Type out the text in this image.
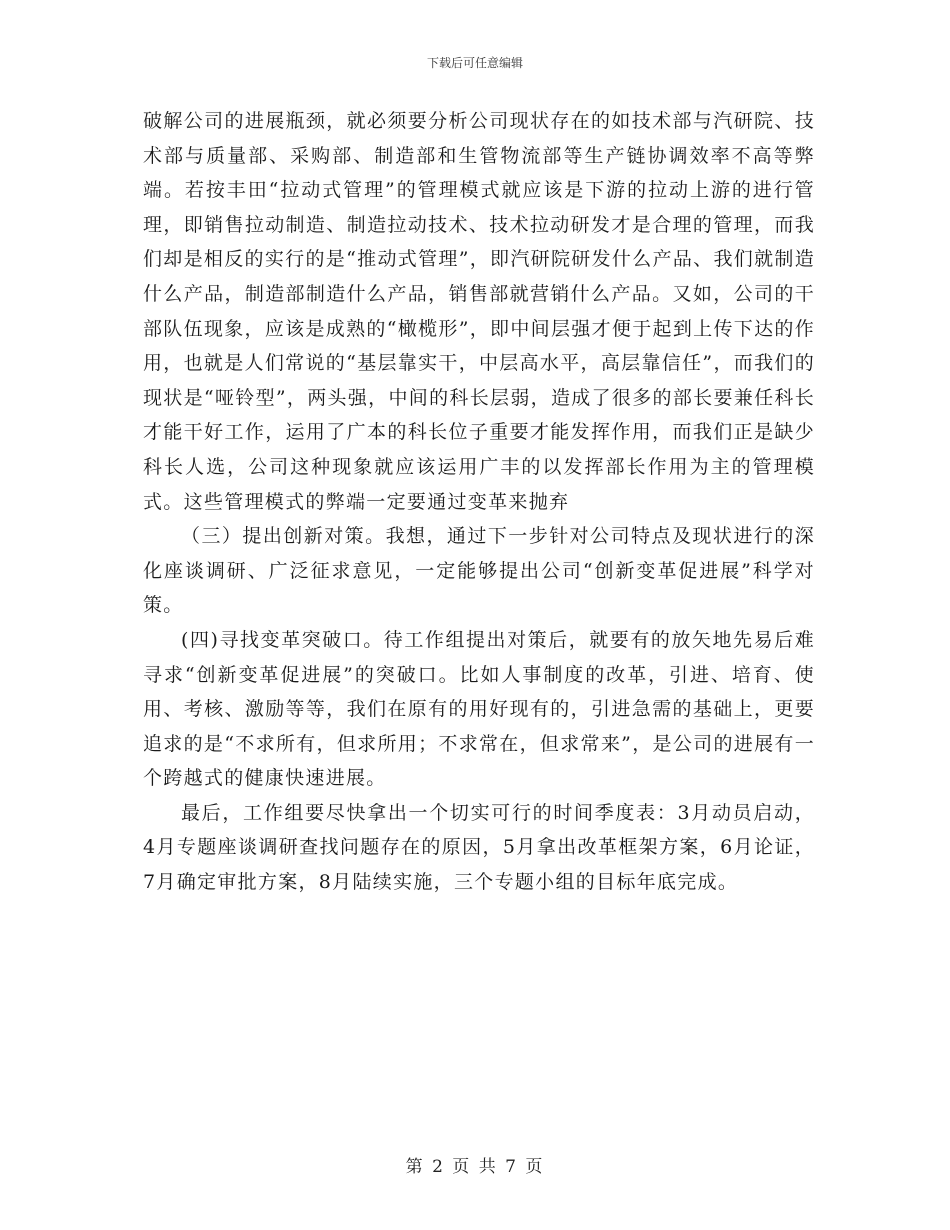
下载后可任意编辑

破解公司的进展瓶颈，就必须要分析公司现状存在的如技术部与汽研院、技术部与质量部、采购部、制造部和生管物流部等生产链协调效率不高等弊端。若按丰田“拉动式管理”的管理模式就应该是下游的拉动上游的进行管理，即销售拉动制造、制造拉动技术、技术拉动研发才是合理的管理，而我们却是相反的实行的是“推动式管理”，即汽研院研发什么产品、我们就制造什么产品，制造部制造什么产品，销售部就营销什么产品。又如，公司的干部队伍现象，应该是成熟的“橄榄形”，即中间层强才便于起到上传下达的作用，也就是人们常说的“基层靠实干，中层高水平，高层靠信任”，而我们的现状是“哑铃型”，两头强，中间的科长层弱，造成了很多的部长要兼任科长才能干好工作，运用了广本的科长位子重要才能发挥作用，而我们正是缺少科长人选，公司这种现象就应该运用广丰的以发挥部长作用为主的管理模式。这些管理模式的弊端一定要通过变革来抛弃

（三）提出创新对策。我想，通过下一步针对公司特点及现状进行的深化座谈调研、广泛征求意见，一定能够提出公司“创新变革促进展”科学对策。

(四)寻找变革突破口。待工作组提出对策后，就要有的放矢地先易后难寻求“创新变革促进展”的突破口。比如人事制度的改革，引进、培育、使用、考核、激励等等，我们在原有的用好现有的，引进急需的基础上，更要追求的是“不求所有，但求所用；不求常在，但求常来”，是公司的进展有一个跨越式的健康快速进展。

最后，工作组要尽快拿出一个切实可行的时间季度表：3月动员启动，4月专题座谈调研查找问题存在的原因，5月拿出改革框架方案，6月论证，7月确定审批方案，8月陆续实施，三个专题小组的目标年底完成。

第 2 页 共 7 页
